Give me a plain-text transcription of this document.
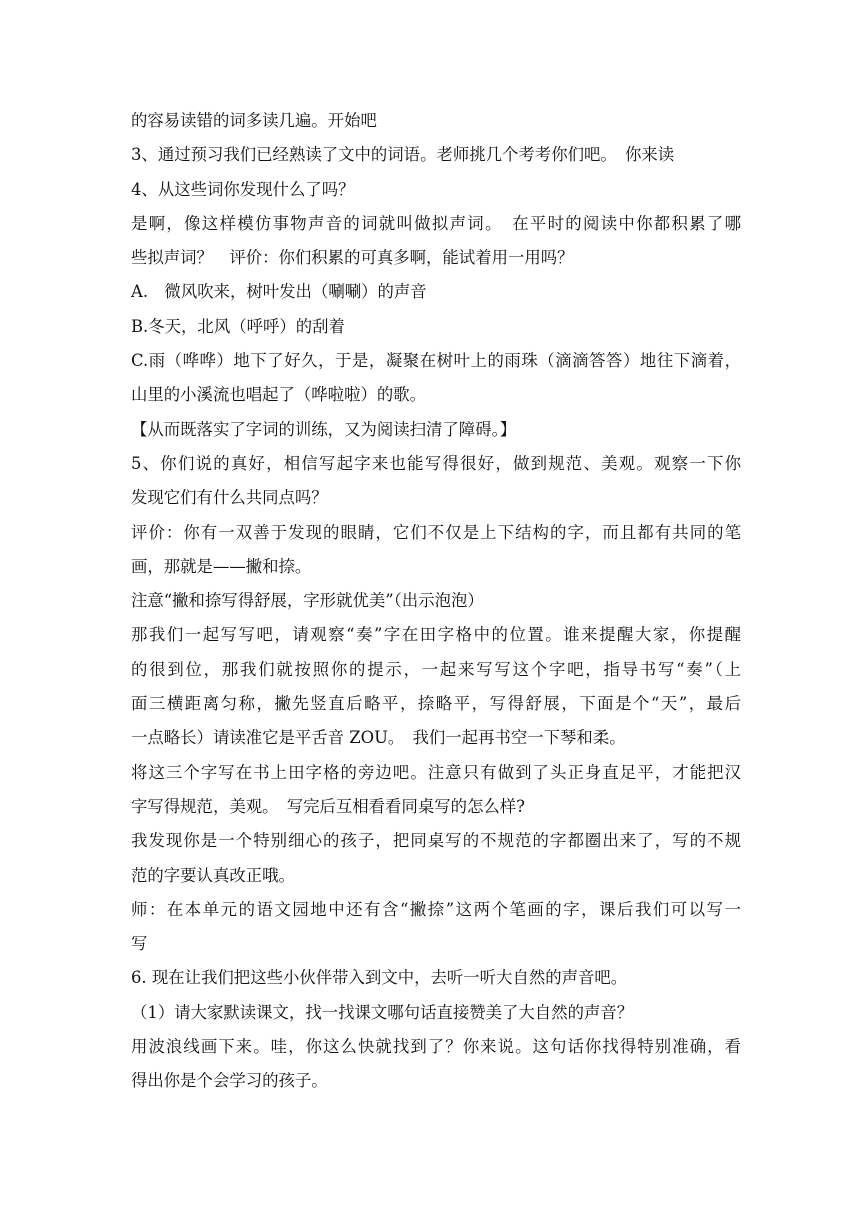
的容易读错的词多读几遍。开始吧
3、通过预习我们已经熟读了文中的词语。老师挑几个考考你们吧。　你来读
4、从这些词你发现什么了吗？
是啊，像这样模仿事物声音的词就叫做拟声词。　在平时的阅读中你都积累了哪
些拟声词？　评价：你们积累的可真多啊，能试着用一用吗？
A.　微风吹来，树叶发出（唰唰）的声音
B.冬天，北风（呼呼）的刮着
C.雨（哗哗）地下了好久，于是，凝聚在树叶上的雨珠（滴滴答答）地往下滴着，
山里的小溪流也唱起了（哗啦啦）的歌。
【从而既落实了字词的训练，又为阅读扫清了障碍。】
5、你们说的真好，相信写起字来也能写得很好，做到规范、美观。观察一下你
发现它们有什么共同点吗？
评价：你有一双善于发现的眼睛，它们不仅是上下结构的字，而且都有共同的笔
画，那就是——撇和捺。
注意“撇和捺写得舒展，字形就优美”（出示泡泡）
那我们一起写写吧，请观察“奏”字在田字格中的位置。谁来提醒大家，你提醒
的很到位，那我们就按照你的提示，一起来写写这个字吧，指导书写“奏”（上
面三横距离匀称，撇先竖直后略平，捺略平，写得舒展，下面是个“天”，最后
一点略长）请读准它是平舌音 ZOU。　我们一起再书空一下琴和柔。
将这三个字写在书上田字格的旁边吧。注意只有做到了头正身直足平，才能把汉
字写得规范，美观。　写完后互相看看同桌写的怎么样?
我发现你是一个特别细心的孩子，把同桌写的不规范的字都圈出来了，写的不规
范的字要认真改正哦。
师：在本单元的语文园地中还有含“撇捺”这两个笔画的字，课后我们可以写一
写
6. 现在让我们把这些小伙伴带入到文中，去听一听大自然的声音吧。
（1）请大家默读课文，找一找课文哪句话直接赞美了大自然的声音？
用波浪线画下来。哇，你这么快就找到了？你来说。这句话你找得特别准确，看
得出你是个会学习的孩子。
